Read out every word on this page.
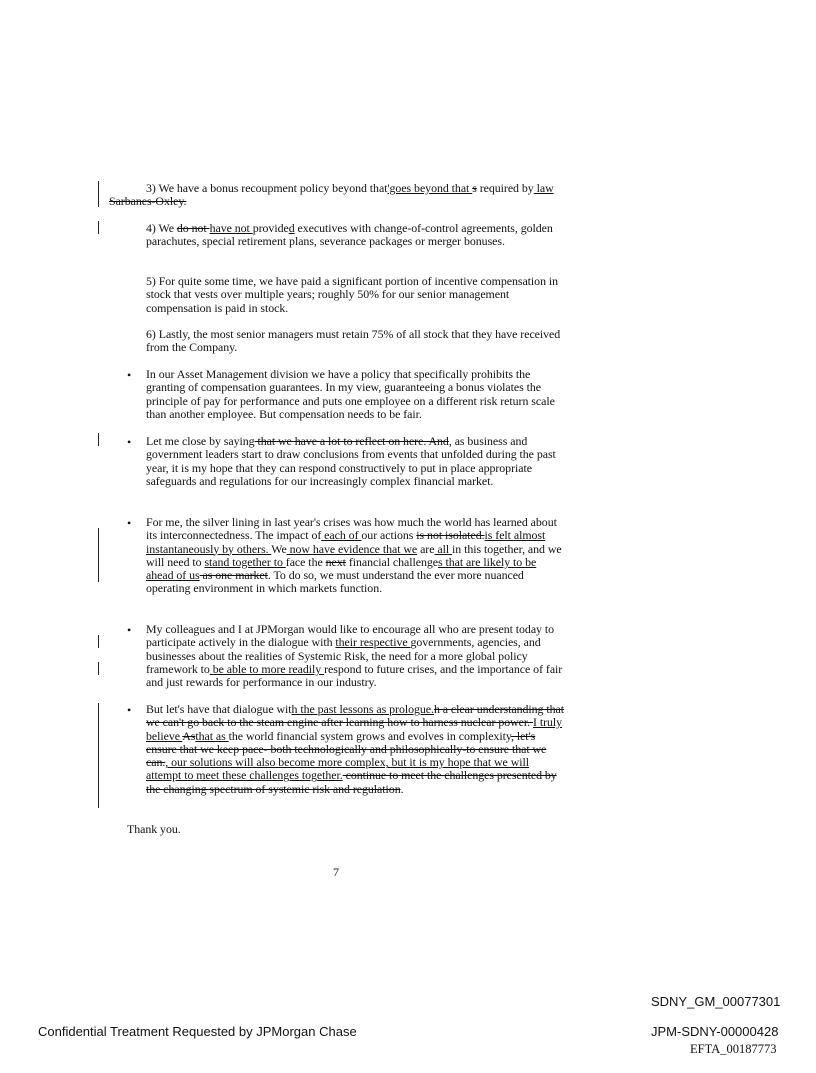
3) We have a bonus recoupment policy beyond that'goes beyond that s required by law Sarbanes-Oxley.

4) We do not have not provided executives with change-of-control agreements, golden parachutes, special retirement plans, severance packages or merger bonuses.

5) For quite some time, we have paid a significant portion of incentive compensation in stock that vests over multiple years; roughly 50% for our senior management compensation is paid in stock.

6) Lastly, the most senior managers must retain 75% of all stock that they have received from the Company.

• In our Asset Management division we have a policy that specifically prohibits the granting of compensation guarantees. In my view, guaranteeing a bonus violates the principle of pay for performance and puts one employee on a different risk return scale than another employee. But compensation needs to be fair.

• Let me close by saying that we have a lot to reflect on here. And, as business and government leaders start to draw conclusions from events that unfolded during the past year, it is my hope that they can respond constructively to put in place appropriate safeguards and regulations for our increasingly complex financial market.

• For me, the silver lining in last year's crises was how much the world has learned about its interconnectedness. The impact of each of our actions is not isolated.is felt almost instantaneously by others. We now have evidence that we are all in this together, and we will need to stand together to face the next financial challenges that are likely to be ahead of us as one market. To do so, we must understand the ever more nuanced operating environment in which markets function.

• My colleagues and I at JPMorgan would like to encourage all who are present today to participate actively in the dialogue with their respective governments, agencies, and businesses about the realities of Systemic Risk, the need for a more global policy framework to be able to more readily respond to future crises, and the importance of fair and just rewards for performance in our industry.

• But let's have that dialogue with the past lessons as prologue.h a clear understanding that we can't go back to the steam engine after learning how to harness nuclear power. I truly believe Asthat as the world financial system grows and evolves in complexity, let's ensure that we keep pace- both technologically and philosophically-to ensure that we can., our solutions will also become more complex, but it is my hope that we will attempt to meet these challenges together. continue to meet the challenges presented by the changing spectrum of systemic risk and regulation.

Thank you.

7
SDNY_GM_00077301
Confidential Treatment Requested by JPMorgan Chase	JPM-SDNY-00000428
EFTA_00187773
